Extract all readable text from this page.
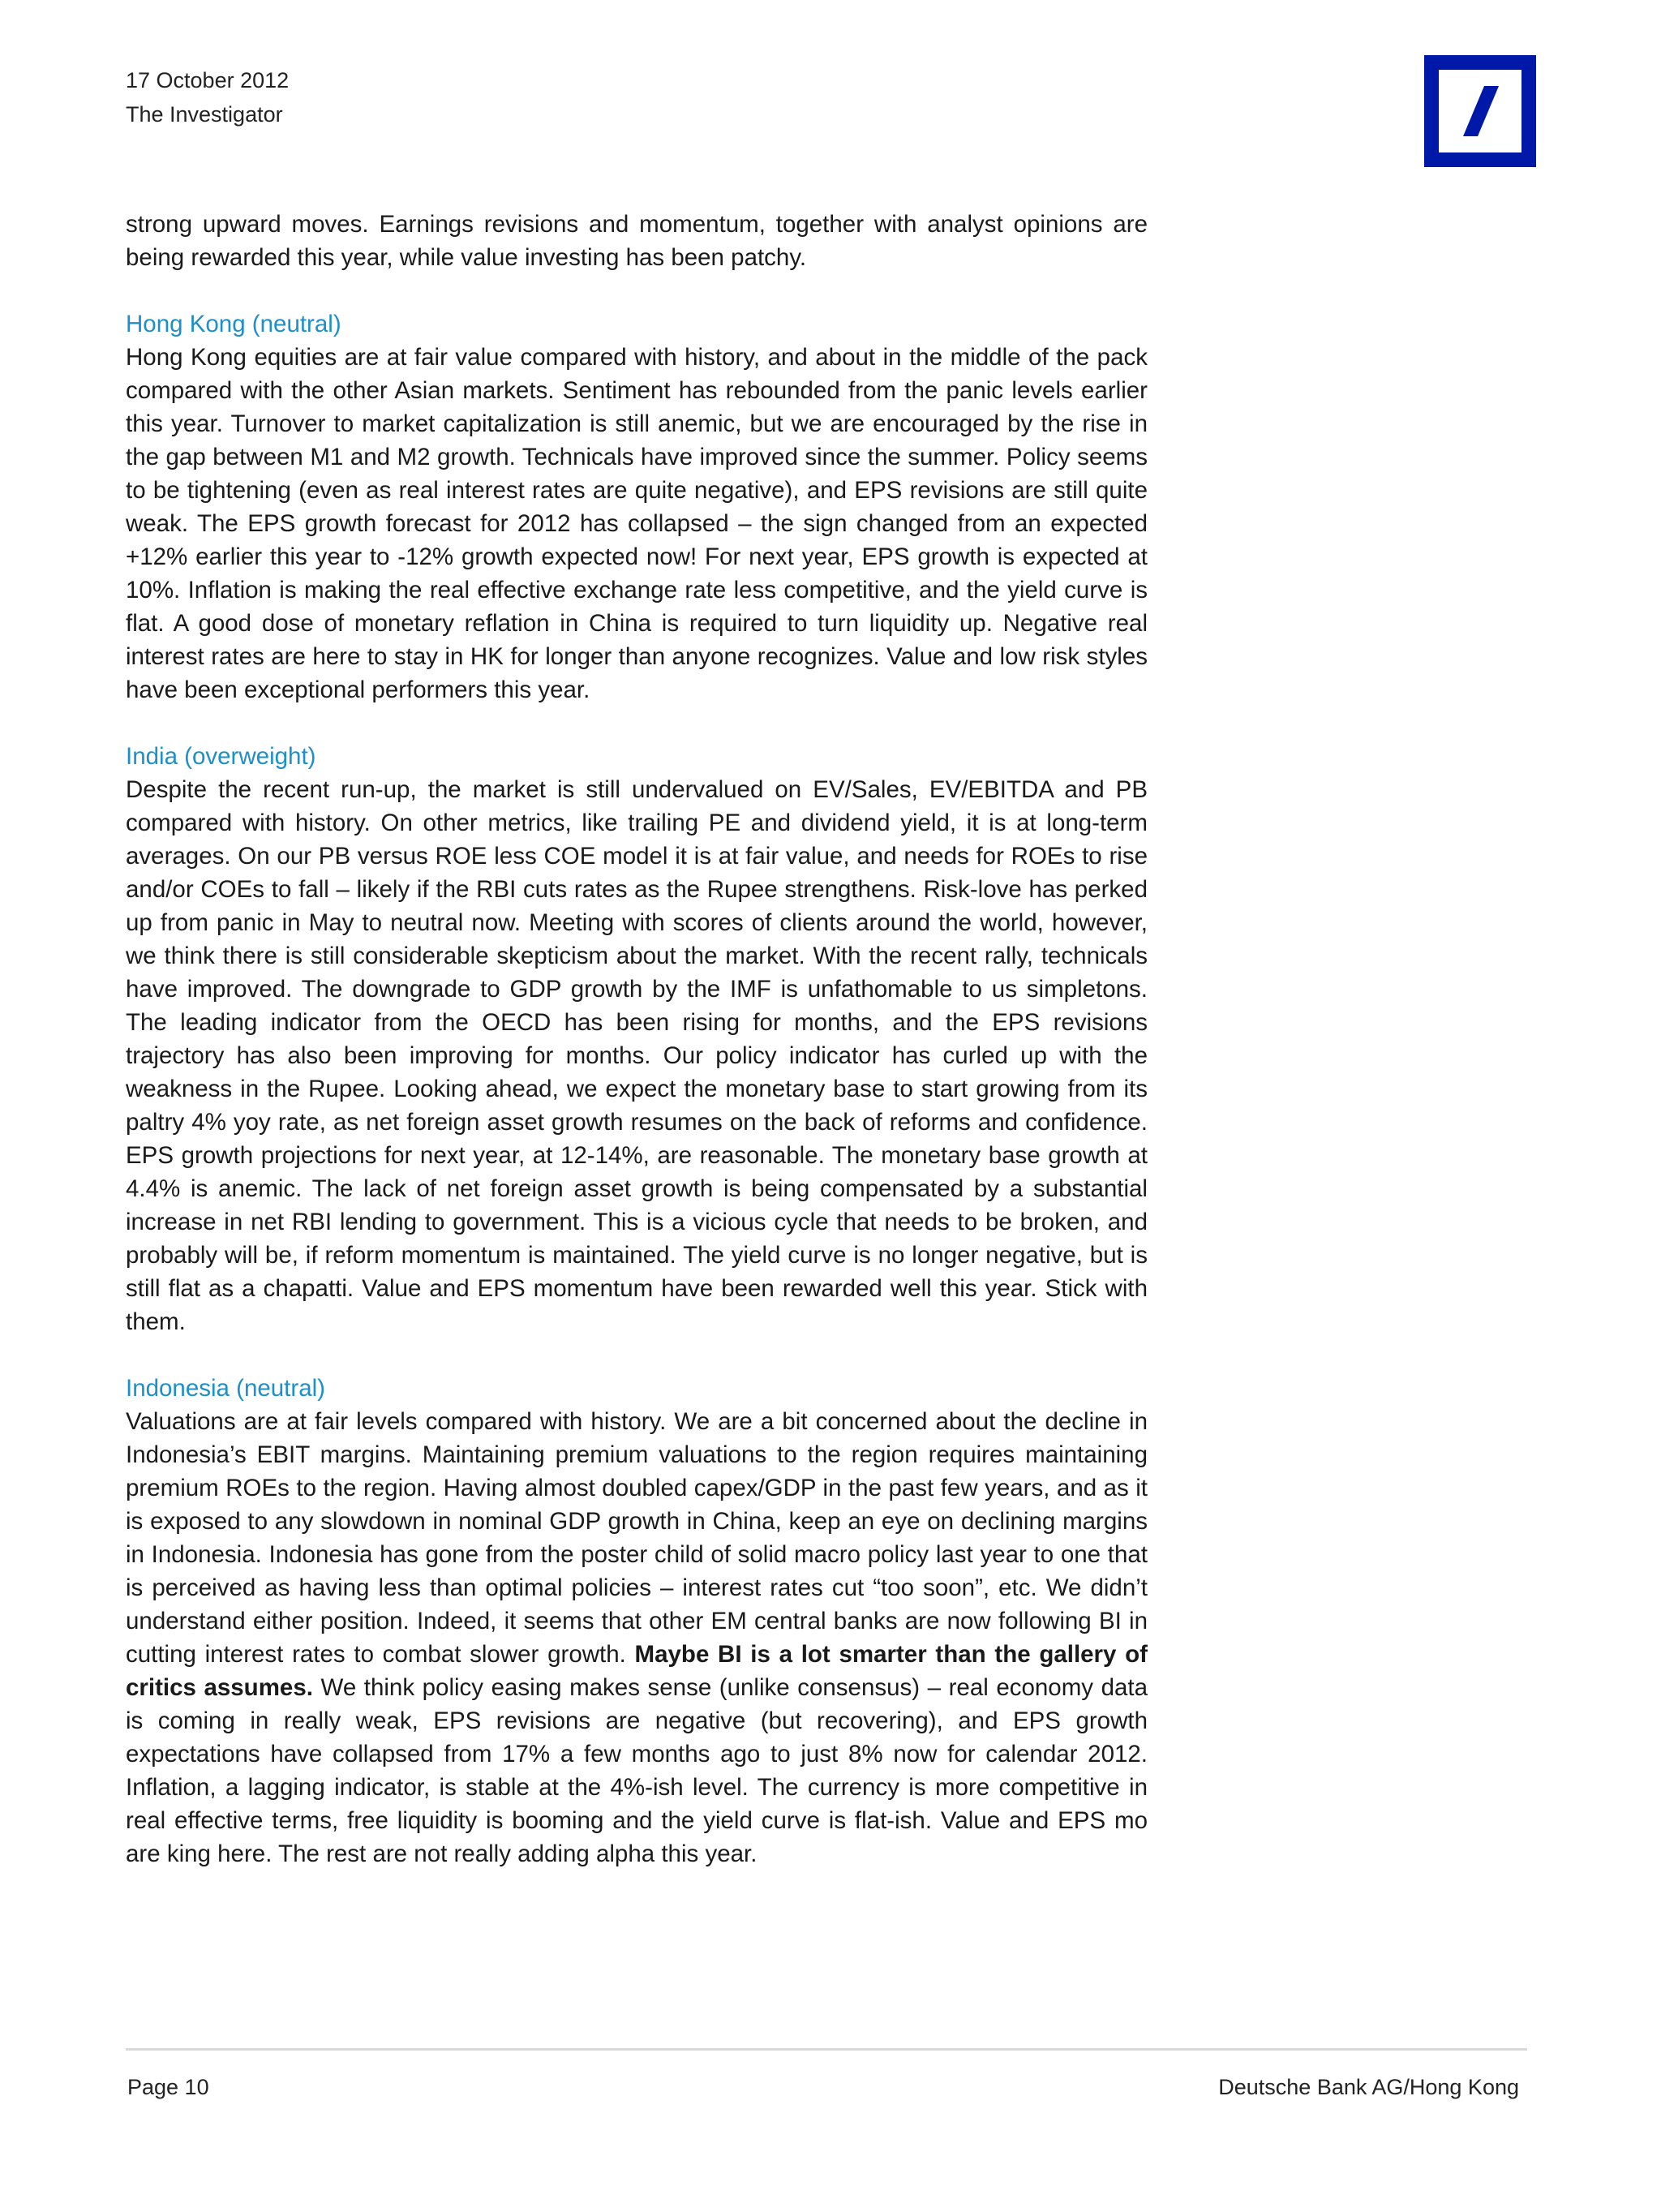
17 October 2012
The Investigator

strong upward moves. Earnings revisions and momentum, together with analyst opinions are being rewarded this year, while value investing has been patchy.

Hong Kong (neutral)

Hong Kong equities are at fair value compared with history, and about in the middle of the pack compared with the other Asian markets. Sentiment has rebounded from the panic levels earlier this year. Turnover to market capitalization is still anemic, but we are encouraged by the rise in the gap between M1 and M2 growth. Technicals have improved since the summer. Policy seems to be tightening (even as real interest rates are quite negative), and EPS revisions are still quite weak. The EPS growth forecast for 2012 has collapsed – the sign changed from an expected +12% earlier this year to -12% growth expected now! For next year, EPS growth is expected at 10%. Inflation is making the real effective exchange rate less competitive, and the yield curve is flat. A good dose of monetary reflation in China is required to turn liquidity up. Negative real interest rates are here to stay in HK for longer than anyone recognizes. Value and low risk styles have been exceptional performers this year.

India (overweight)

Despite the recent run-up, the market is still undervalued on EV/Sales, EV/EBITDA and PB compared with history. On other metrics, like trailing PE and dividend yield, it is at long-term averages. On our PB versus ROE less COE model it is at fair value, and needs for ROEs to rise and/or COEs to fall – likely if the RBI cuts rates as the Rupee strengthens. Risk-love has perked up from panic in May to neutral now. Meeting with scores of clients around the world, however, we think there is still considerable skepticism about the market. With the recent rally, technicals have improved. The downgrade to GDP growth by the IMF is unfathomable to us simpletons. The leading indicator from the OECD has been rising for months, and the EPS revisions trajectory has also been improving for months. Our policy indicator has curled up with the weakness in the Rupee. Looking ahead, we expect the monetary base to start growing from its paltry 4% yoy rate, as net foreign asset growth resumes on the back of reforms and confidence. EPS growth projections for next year, at 12-14%, are reasonable. The monetary base growth at 4.4% is anemic. The lack of net foreign asset growth is being compensated by a substantial increase in net RBI lending to government. This is a vicious cycle that needs to be broken, and probably will be, if reform momentum is maintained. The yield curve is no longer negative, but is still flat as a chapatti. Value and EPS momentum have been rewarded well this year. Stick with them.

Indonesia (neutral)

Valuations are at fair levels compared with history. We are a bit concerned about the decline in Indonesia’s EBIT margins. Maintaining premium valuations to the region requires maintaining premium ROEs to the region. Having almost doubled capex/GDP in the past few years, and as it is exposed to any slowdown in nominal GDP growth in China, keep an eye on declining margins in Indonesia. Indonesia has gone from the poster child of solid macro policy last year to one that is perceived as having less than optimal policies – interest rates cut “too soon”, etc. We didn’t understand either position. Indeed, it seems that other EM central banks are now following BI in cutting interest rates to combat slower growth. Maybe BI is a lot smarter than the gallery of critics assumes. We think policy easing makes sense (unlike consensus) – real economy data is coming in really weak, EPS revisions are negative (but recovering), and EPS growth expectations have collapsed from 17% a few months ago to just 8% now for calendar 2012. Inflation, a lagging indicator, is stable at the 4%-ish level. The currency is more competitive in real effective terms, free liquidity is booming and the yield curve is flat-ish. Value and EPS mo are king here. The rest are not really adding alpha this year.

Page 10	Deutsche Bank AG/Hong Kong
